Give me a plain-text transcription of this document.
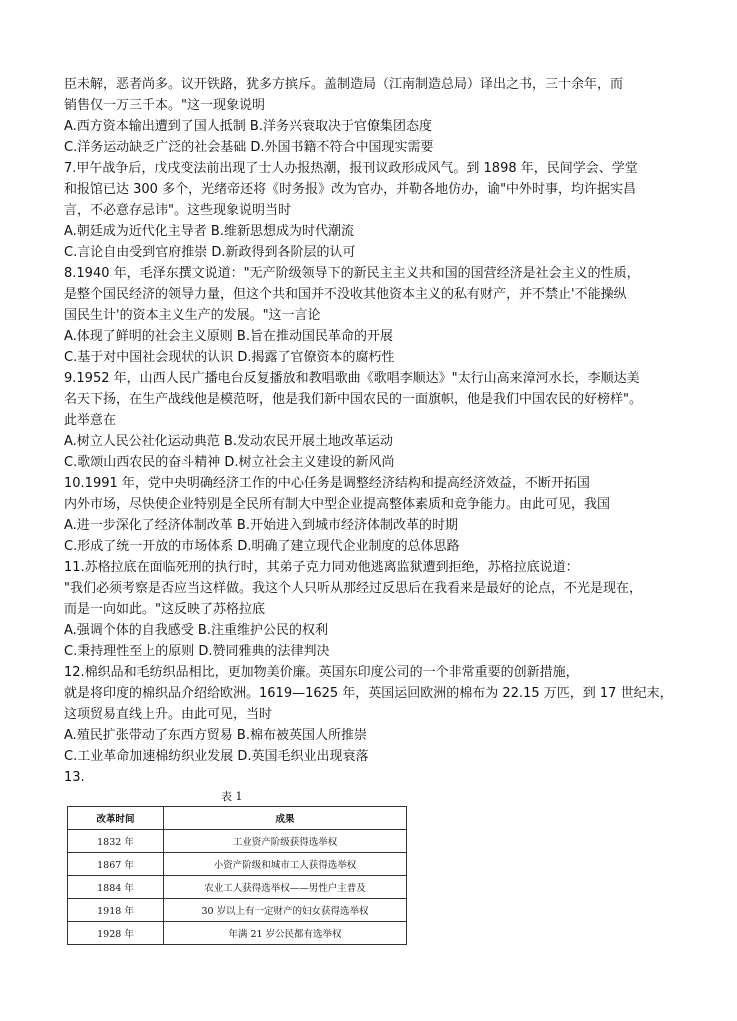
臣未解，恶者尚多。议开铁路，犹多方摈斥。盖制造局（江南制造总局）译出之书，三十余年，而
销售仅一万三千本。"这一现象说明
A.西方资本输出遭到了国人抵制 B.洋务兴衰取决于官僚集团态度
C.洋务运动缺乏广泛的社会基础 D.外国书籍不符合中国现实需要
7.甲午战争后，戊戌变法前出现了士人办报热潮，报刊议政形成风气。到 1898 年，民间学会、学堂
和报馆已达 300 多个，光绪帝还将《时务报》改为官办，并勒各地仿办，谕"中外时事，均许据实昌
言，不必意存忌讳"。这些现象说明当时
A.朝廷成为近代化主导者 B.维新思想成为时代潮流
C.言论自由受到官府推崇 D.新政得到各阶层的认可
8.1940 年，毛泽东撰文说道："无产阶级领导下的新民主主义共和国的国营经济是社会主义的性质，
是整个国民经济的领导力量，但这个共和国并不没收其他资本主义的私有财产，并不禁止'不能操纵
国民生计'的资本主义生产的发展。"这一言论
A.体现了鲜明的社会主义原则 B.旨在推动国民革命的开展
C.基于对中国社会现状的认识 D.揭露了官僚资本的腐朽性
9.1952 年，山西人民广播电台反复播放和教唱歌曲《歌唱李顺达》"太行山高来漳河水长，李顺达美
名天下扬，在生产战线他是模范呀，他是我们新中国农民的一面旗帜，他是我们中国农民的好榜样"。
此举意在
A.树立人民公社化运动典范 B.发动农民开展土地改革运动
C.歌颂山西农民的奋斗精神 D.树立社会主义建设的新风尚
10.1991 年，党中央明确经济工作的中心任务是调整经济结构和提高经济效益，不断开拓国
内外市场，尽快使企业特别是全民所有制大中型企业提高整体素质和竞争能力。由此可见，我国
A.进一步深化了经济体制改革 B.开始进入到城市经济体制改革的时期
C.形成了统一开放的市场体系 D.明确了建立现代企业制度的总体思路
11.苏格拉底在面临死刑的执行时，其弟子克力同劝他逃离监狱遭到拒绝，苏格拉底说道：
"我们必须考察是否应当这样做。我这个人只听从那经过反思后在我看来是最好的论点，不光是现在，
而是一向如此。"这反映了苏格拉底
A.强调个体的自我感受 B.注重维护公民的权利
C.秉持理性至上的原则 D.赞同雅典的法律判决
12.棉织品和毛纺织品相比，更加物美价廉。英国东印度公司的一个非常重要的创新措施，
就是将印度的棉织品介绍给欧洲。1619—1625 年，英国运回欧洲的棉布为 22.15 万匹，到 17 世纪末，
这项贸易直线上升。由此可见，当时
A.殖民扩张带动了东西方贸易 B.棉布被英国人所推崇
C.工业革命加速棉纺织业发展 D.英国毛织业出现衰落
13.
表 1
改革时间	成果
1832 年	工业资产阶级获得选举权
1867 年	小资产阶级和城市工人获得选举权
1884 年	农业工人获得选举权——男性户主普及
1918 年	30 岁以上有一定财产的妇女获得选举权
1928 年	年满 21 岁公民都有选举权
